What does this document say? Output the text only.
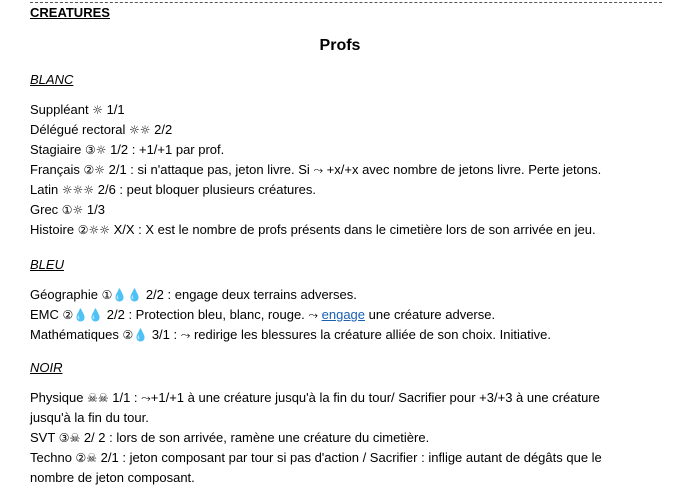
CREATURES
Profs
BLANC
Suppléant ☼ 1/1
Délégué rectoral ☼☼ 2/2
Stagiaire ③☼ 1/2 : +1/+1 par prof.
Français ②☼ 2/1 : si n'attaque pas, jeton livre. Si ⤳ +x/+x avec nombre de jetons livre. Perte jetons.
Latin ☼☼☼ 2/6 : peut bloquer plusieurs créatures.
Grec ①☼ 1/3
Histoire ②☼☼ X/X : X est le nombre de profs présents dans le cimetière lors de son arrivée en jeu.
BLEU
Géographie ①💧💧 2/2 : engage deux terrains adverses.
EMC ②💧💧 2/2 : Protection bleu, blanc, rouge. ⤳ engage une créature adverse.
Mathématiques ②💧 3/1 : ⤳ redirige les blessures la créature alliée de son choix. Initiative.
NOIR
Physique ☠☠ 1/1 : ⤳+1/+1 à une créature jusqu'à la fin du tour/ Sacrifier pour +3/+3 à une créature
jusqu'à la fin du tour.
SVT ③☠ 2/ 2 : lors de son arrivée, ramène une créature du cimetière.
Techno ②☠ 2/1 : jeton composant par tour si pas d'action / Sacrifier : inflige autant de dégâts que le
nombre de jeton composant.
